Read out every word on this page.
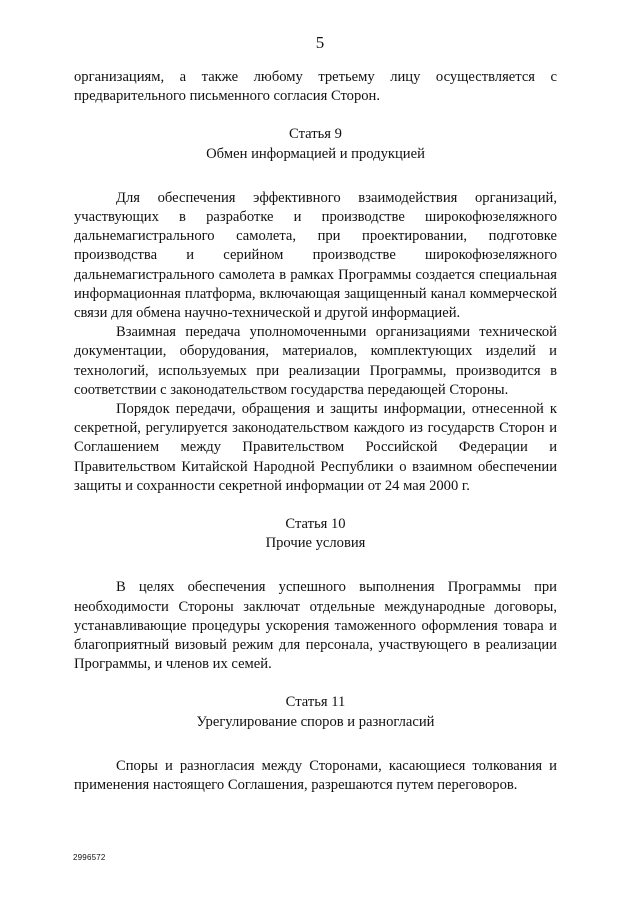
5

организациям, а также любому третьему лицу осуществляется с предварительного письменного согласия Сторон.

Статья 9

Обмен информацией и продукцией

Для обеспечения эффективного взаимодействия организаций, участвующих в разработке и производстве широкофюзеляжного дальнемагистрального самолета, при проектировании, подготовке производства и серийном производстве широкофюзеляжного дальнемагистрального самолета в рамках Программы создается специальная информационная платформа, включающая защищенный канал коммерческой связи для обмена научно-технической и другой информацией.

Взаимная передача уполномоченными организациями технической документации, оборудования, материалов, комплектующих изделий и технологий, используемых при реализации Программы, производится в соответствии с законодательством государства передающей Стороны.

Порядок передачи, обращения и защиты информации, отнесенной к секретной, регулируется законодательством каждого из государств Сторон и Соглашением между Правительством Российской Федерации и Правительством Китайской Народной Республики о взаимном обеспечении защиты и сохранности секретной информации от 24 мая 2000 г.

Статья 10

Прочие условия

В целях обеспечения успешного выполнения Программы при необходимости Стороны заключат отдельные международные договоры, устанавливающие процедуры ускорения таможенного оформления товара и благоприятный визовый режим для персонала, участвующего в реализации Программы, и членов их семей.

Статья 11

Урегулирование споров и разногласий

Споры и разногласия между Сторонами, касающиеся толкования и применения настоящего Соглашения, разрешаются путем переговоров.

2996572
